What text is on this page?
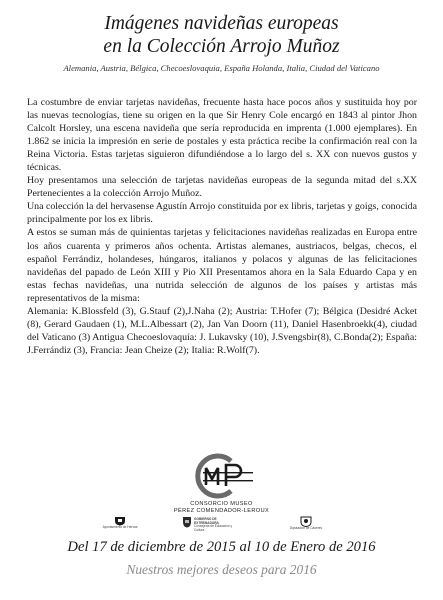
Imágenes navideñas europeas
en la Colección Arrojo Muñoz
Alemania, Austria, Bélgica, Checoeslovaquia, España Holanda, Italia, Ciudad del Vaticano

La costumbre de enviar tarjetas navideñas, frecuente hasta hace pocos años y sustituida hoy por las nuevas tecnologías, tiene su origen en la que Sir Henry Cole encargó en 1843 al pintor Jhon Calcolt Horsley, una escena navideña que sería reproducida en imprenta (1.000 ejemplares). En 1.862 se inicia la impresión en serie de postales y esta práctica recibe la confirmación real con la Reina Victoria. Estas tarjetas siguieron difundiéndose a lo largo del s. XX con nuevos gustos y técnicas.

Hoy presentamos una selección de tarjetas navideñas europeas de la segunda mitad del s.XX Pertenecientes a la colección Arrojo Muñoz.

Una colección la del hervasense Agustín Arrojo constituida por ex libris, tarjetas y goigs, conocida principalmente por los ex libris.

A estos se suman más de quinientas tarjetas y felicitaciones navideñas realizadas en Europa entre los años cuarenta y primeros años ochenta. Artistas alemanes, austriacos, belgas, checos, el español Ferrándiz, holandeses, húngaros, italianos y polacos y algunas de las felicitaciones navideñas del papado de León XIII y Pio XII Presentamos ahora en la Sala Eduardo Capa y en estas fechas navideñas, una nutrida selección de algunos de los países y artistas más representativos de la misma:

Alemania: K.Blossfeld (3), G.Stauf (2),J.Naha (2); Austria: T.Hofer (7); Bélgica (Desidré Acket (8), Gerard Gaudaen (1), M.L.Albessart (2), Jan Van Doorn (11), Daniel Hasenbroekk(4), ciudad del Vaticano (3) Antigua Checoeslovaquía: J. Lukavsky (10), J.Svengsbir(8), C.Bonda(2); España: J.Ferrándiz (3), Francia: Jean Cheize (2); Italia: R.Wolf(7).

CMP
CONSORCIO MUSEO
PÉREZ COMENDADOR-LEROUX
Ayuntamiento de Hervás
GOBIERNO DE EXTREMADURA
Consejería de Educación y Cultura	Diputación de Cáceres
Del 17 de diciembre de 2015 al 10 de Enero de 2016
Nuestros mejores deseos para 2016
